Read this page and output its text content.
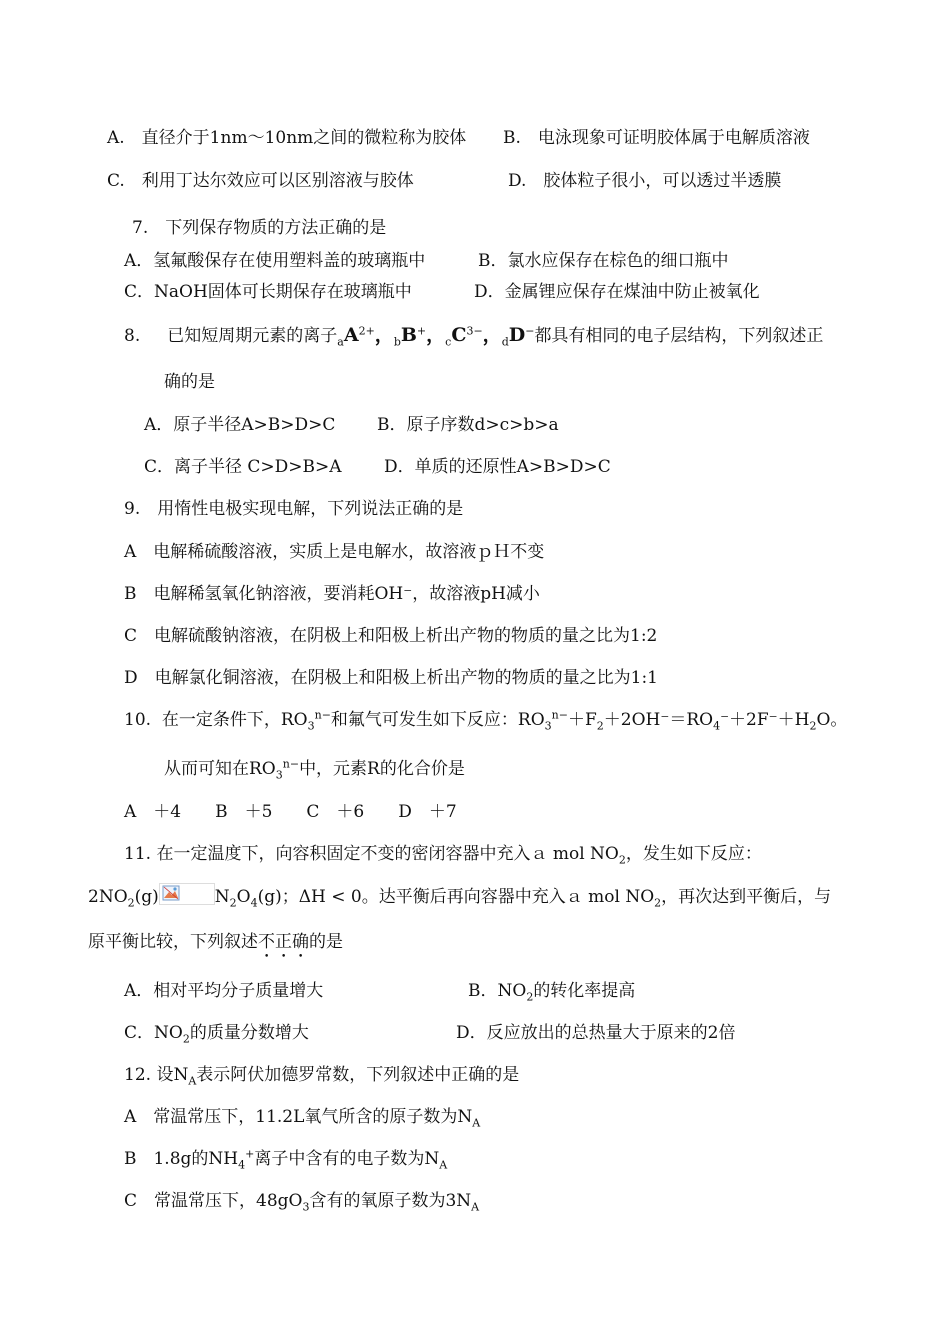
A.　直径介于1nm～10nm之间的微粒称为胶体 B.　电泳现象可证明胶体属于电解质溶液
C.　利用丁达尔效应可以区别溶液与胶体	D.　胶体粒子很小，可以透过半透膜
7.　下列保存物质的方法正确的是
A．氢氟酸保存在使用塑料盖的玻璃瓶中	B．氯水应保存在棕色的细口瓶中
C．NaOH固体可长期保存在玻璃瓶中	D．金属锂应保存在煤油中防止被氧化
8. 已知短周期元素的离子$_aA^{2+}$，$_b$B+，$_cC^{3-}$，$_d$D−都具有相同的电子层结构，下列叙述正
确的是
A．原子半径A>B>D>C B．原子序数d>c>b>a
C．离子半径 C>D>B>A D．单质的还原性A>B>D>C
9.　用惰性电极实现电解，下列说法正确的是
A　电解稀硫酸溶液，实质上是电解水，故溶液ｐＨ不变
B　电解稀氢氧化钠溶液，要消耗OH⁻，故溶液pH减小
C　电解硫酸钠溶液，在阴极上和阳极上析出产物的物质的量之比为1:2
D　电解氯化铜溶液，在阴极上和阳极上析出产物的物质的量之比为1:1
10. 在一定条件下，$RO_3^{n-}$和氟气可发生如下反应：$RO_3^{n-}+F_2+2OH^-=RO_4^-+2F^-+H_2O$。
从而可知在$RO_3^{n-}$中，元素R的化合价是
A　＋4　　B　＋5　　C　＋6　　D　＋7
11. 在一定温度下，向容积固定不变的密闭容器中充入ａ mol $NO_2$，发生如下反应：
$2NO_2(g)$	$N_2O_4(g)$；ΔH < 0。达平衡后再向容器中充入ａ mol $NO_2$，再次达到平衡后，与
原平衡比较，下列叙述不正确的是
A．相对平均分子质量增大	B．$NO_2$的转化率提高
C．$NO_2$的质量分数增大	D．反应放出的总热量大于原来的2倍
12. 设$N_A$表示阿伏加德罗常数，下列叙述中正确的是
A　常温常压下，11.2L氧气所含的原子数为$N_A$
B　1.8g的$NH_4^+$离子中含有的电子数为$N_A$
C　常温常压下，$48gO_3$含有的氧原子数为$3N_A$
